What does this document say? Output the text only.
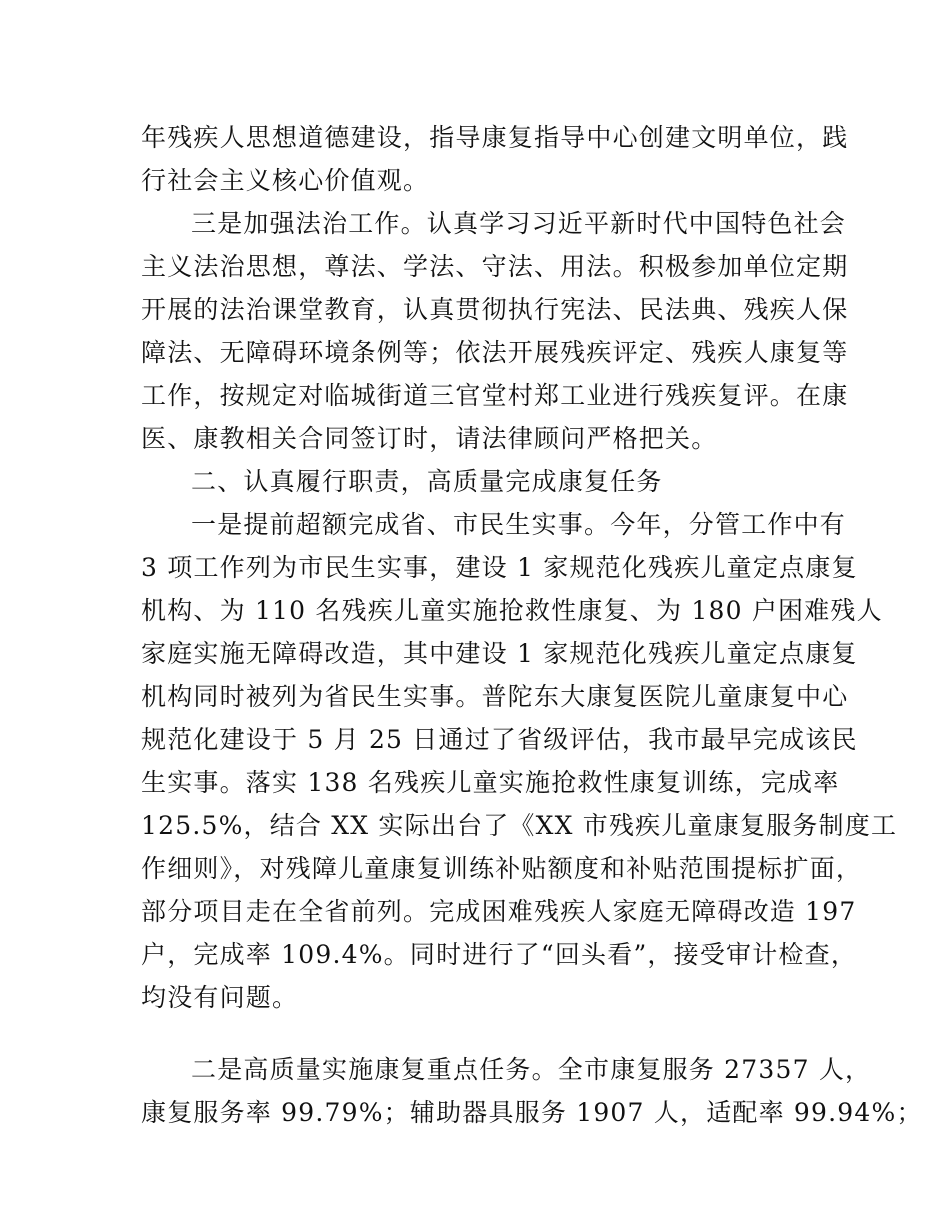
年残疾人思想道德建设，指导康复指导中心创建文明单位，践
行社会主义核心价值观。
三是加强法治工作。认真学习习近平新时代中国特色社会
主义法治思想，尊法、学法、守法、用法。积极参加单位定期
开展的法治课堂教育，认真贯彻执行宪法、民法典、残疾人保
障法、无障碍环境条例等；依法开展残疾评定、残疾人康复等
工作，按规定对临城街道三官堂村郑工业进行残疾复评。在康
医、康教相关合同签订时，请法律顾问严格把关。
二、认真履行职责，高质量完成康复任务
一是提前超额完成省、市民生实事。今年，分管工作中有
3 项工作列为市民生实事，建设 1 家规范化残疾儿童定点康复
机构、为 110 名残疾儿童实施抢救性康复、为 180 户困难残人
家庭实施无障碍改造，其中建设 1 家规范化残疾儿童定点康复
机构同时被列为省民生实事。普陀东大康复医院儿童康复中心
规范化建设于 5 月 25 日通过了省级评估，我市最早完成该民
生实事。落实 138 名残疾儿童实施抢救性康复训练，完成率
125.5%，结合 XX 实际出台了《XX 市残疾儿童康复服务制度工
作细则》，对残障儿童康复训练补贴额度和补贴范围提标扩面，
部分项目走在全省前列。完成困难残疾人家庭无障碍改造 197
户，完成率 109.4%。同时进行了“回头看”，接受审计检查，
均没有问题。
二是高质量实施康复重点任务。全市康复服务 27357 人，
康复服务率 99.79%；辅助器具服务 1907 人，适配率 99.94%；
